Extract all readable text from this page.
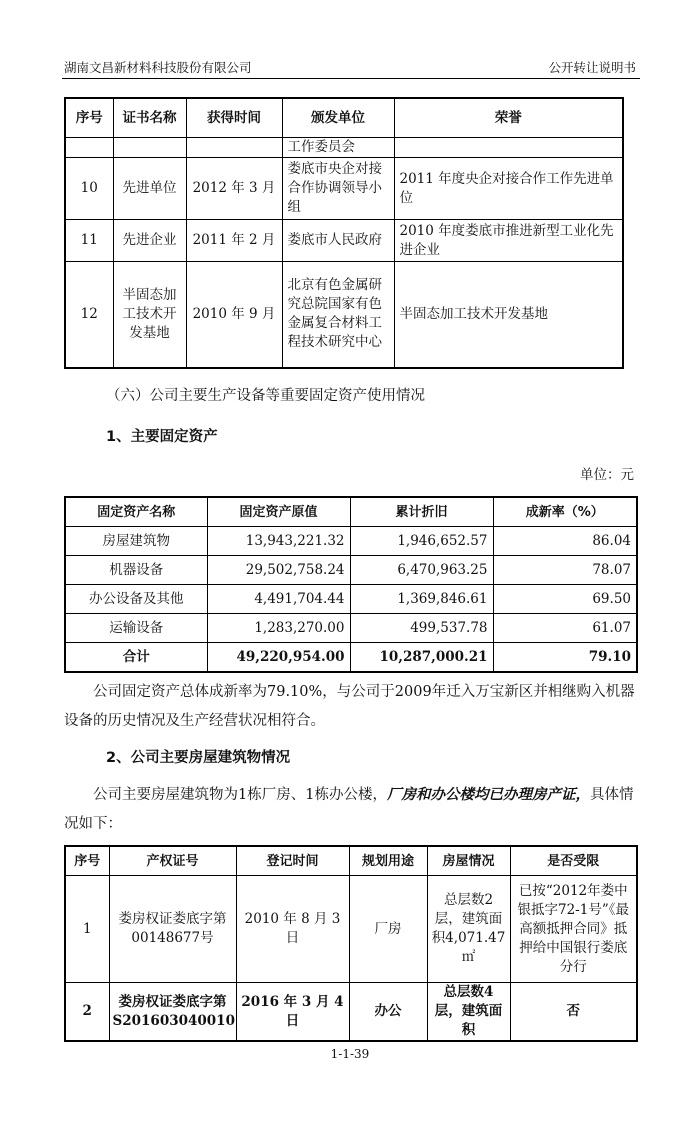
湖南文昌新材料科技股份有限公司	公开转让说明书
序号	证书名称	获得时间	颁发单位	荣誉
			工作委员会	
10	先进单位	2012 年 3 月	娄底市央企对接合作协调领导小组	2011 年度央企对接合作工作先进单位
11	先进企业	2011 年 2 月	娄底市人民政府	2010 年度娄底市推进新型工业化先进企业
12	半固态加工技术开发基地	2010 年 9 月	北京有色金属研究总院国家有色金属复合材料工程技术研究中心	半固态加工技术开发基地
（六）公司主要生产设备等重要固定资产使用情况
1、主要固定资产
单位：元
固定资产名称	固定资产原值	累计折旧	成新率（%）
房屋建筑物	13,943,221.32	1,946,652.57	86.04
机器设备	29,502,758.24	6,470,963.25	78.07
办公设备及其他	4,491,704.44	1,369,846.61	69.50
运输设备	1,283,270.00	499,537.78	61.07
合计	49,220,954.00	10,287,000.21	79.10
公司固定资产总体成新率为79.10%，与公司于2009年迁入万宝新区并相继购入机器设备的历史情况及生产经营状况相符合。
2、公司主要房屋建筑物情况
公司主要房屋建筑物为1栋厂房、1栋办公楼，厂房和办公楼均已办理房产证，具体情况如下：
序号	产权证号	登记时间	规划用途	房屋情况	是否受限
1	娄房权证娄底字第00148677号	2010 年 8 月 3 日	厂房	总层数2层，建筑面积4,071.47㎡	已按“2012年娄中银抵字72-1号”《最高额抵押合同》抵押给中国银行娄底分行
2	娄房权证娄底字第S201603040010	2016 年 3 月 4 日	办公	总层数4层，建筑面积	否
1-1-39
